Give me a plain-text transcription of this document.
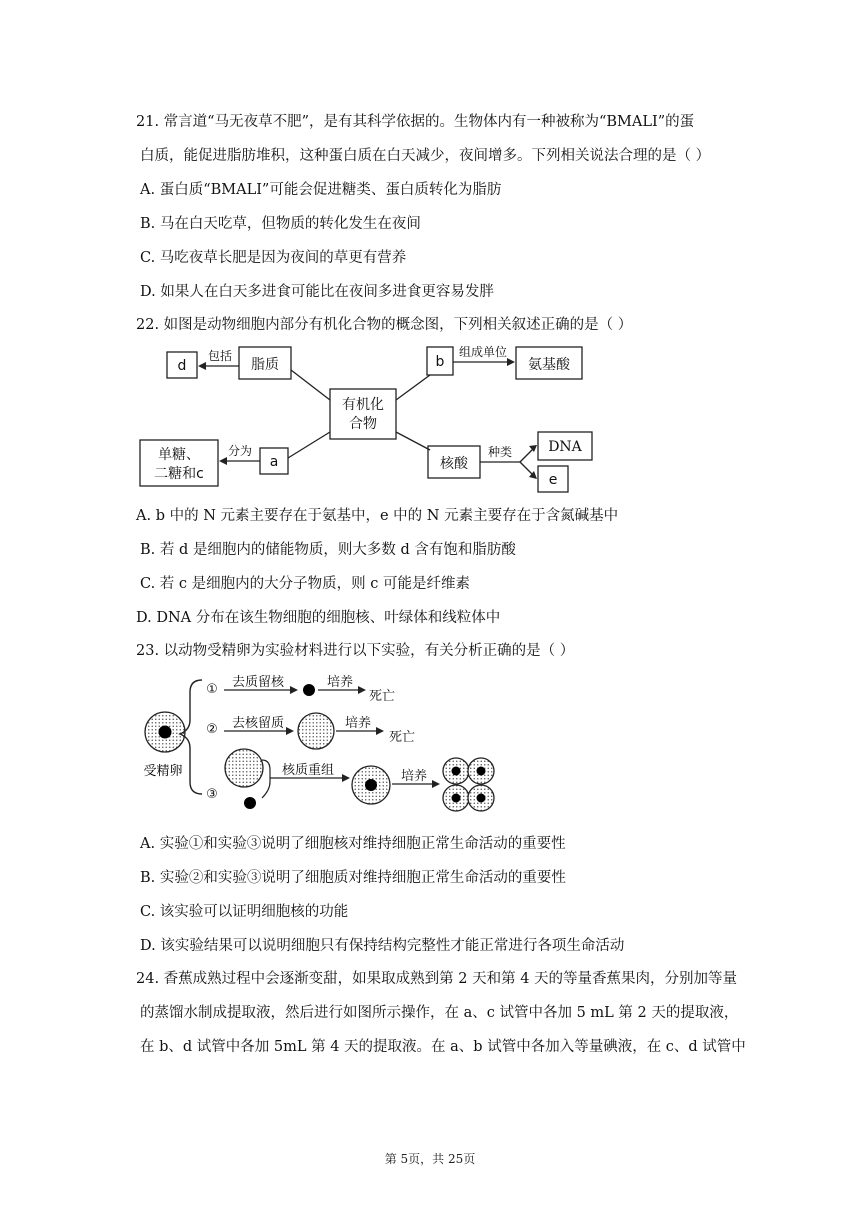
21. 常言道“马无夜草不肥”，是有其科学依据的。生物体内有一种被称为“BMALI”的蛋
白质，能促进脂肪堆积，这种蛋白质在白天减少，夜间增多。下列相关说法合理的是（ ）
A. 蛋白质“BMALI”可能会促进糖类、蛋白质转化为脂肪
B. 马在白天吃草，但物质的转化发生在夜间
C. 马吃夜草长肥是因为夜间的草更有营养
D. 如果人在白天多进食可能比在夜间多进食更容易发胖
22. 如图是动物细胞内部分有机化合物的概念图，下列相关叙述正确的是（ ）
d	脂质	b	氨基酸
有机化
合物
单糖、
二糖和c
a	核酸
DNA
e
包括	组成单位
分为	种类
A. b 中的 N 元素主要存在于氨基中，e 中的 N 元素主要存在于含氮碱基中
B. 若 d 是细胞内的储能物质，则大多数 d 含有饱和脂肪酸
C. 若 c 是细胞内的大分子物质，则 c 可能是纤维素
D. DNA 分布在该生物细胞的细胞核、叶绿体和线粒体中
23. 以动物受精卵为实验材料进行以下实验，有关分析正确的是（ ）
受精卵
①
②
③
去质留核	培养
死亡
去核留质	培养
死亡
核质重组	培养
A. 实验①和实验③说明了细胞核对维持细胞正常生命活动的重要性
B. 实验②和实验③说明了细胞质对维持细胞正常生命活动的重要性
C. 该实验可以证明细胞核的功能
D. 该实验结果可以说明细胞只有保持结构完整性才能正常进行各项生命活动
24. 香蕉成熟过程中会逐渐变甜，如果取成熟到第 2 天和第 4 天的等量香蕉果肉，分别加等量
的蒸馏水制成提取液，然后进行如图所示操作，在 a、c 试管中各加 5 mL 第 2 天的提取液，
在 b、d 试管中各加 5mL 第 4 天的提取液。在 a、b 试管中各加入等量碘液，在 c、d 试管中
第 5页，共 25页
